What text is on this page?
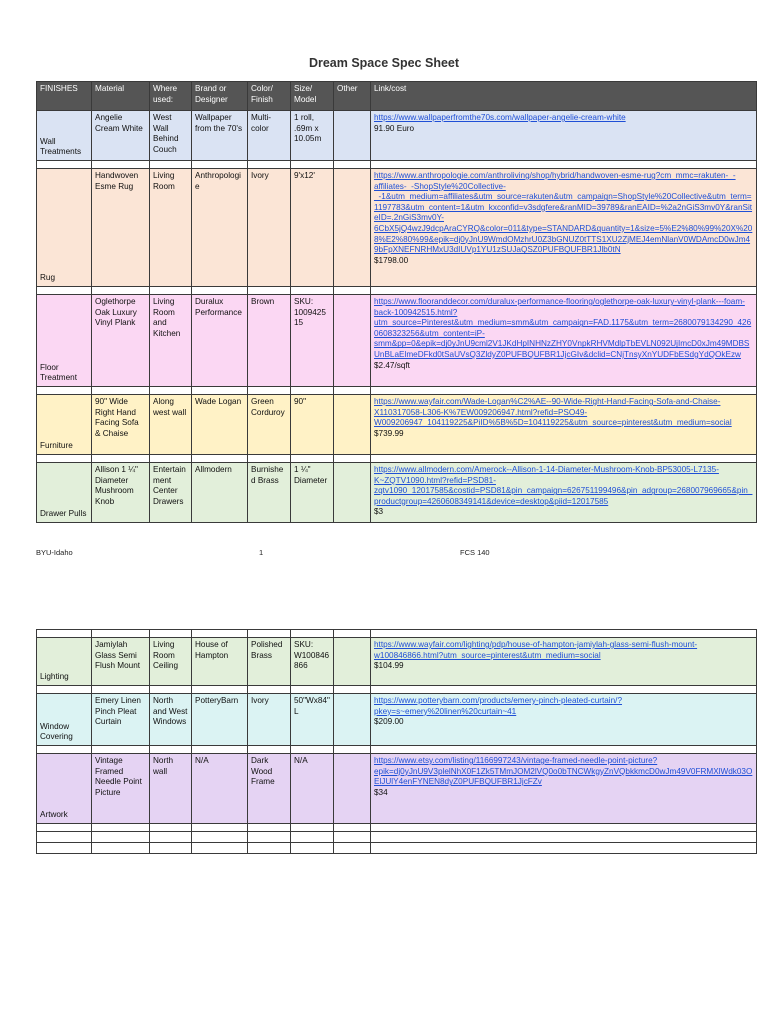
Dream Space Spec Sheet
FINISHES	Material	Where used:	Brand or Designer	Color/ Finish	Size/ Model	Other	Link/cost
Wall Treatments	Angelie Cream White	West Wall Behind Couch	Wallpaper from the 70's	Multi-color	1 roll, .69m x 10.05m		https://www.wallpaperfromthe70s.com/wallpaper-angelie-cream-white
91.90 Euro

Rug	Handwoven Esme Rug	Living Room	Anthropologie	Ivory	9'x12'		https://www.anthropologie.com/anthroliving/shop/hybrid/handwoven-esme-rug?cm_mmc=rakuten-_-affiliates-_-ShopStyle%20Collective-_-1&utm_medium=affiliates&utm_source=rakuten&utm_campaign=ShopStyle%20Collective&utm_term=1197783&utm_content=1&utm_kxconfid=v3sdgfere&ranMID=39789&ranEAID=%2a2nGiS3mv0Y&ranSiteID=.2nGiS3mv0Y-6CbX5jQ4wzJ9dcpAraCYRQ&color=011&type=STANDARD&quantity=1&size=5%E2%80%99%20X%208%E2%80%99&epik=dj0yJnU9WmdOMzhrU0Z3bGNUZ0tTTS1XU2ZjMEJ4emNlanV0WDAmcD0wJm49bFpXNEFNRHMxU3dIUVp1YU1zSUJaQSZ0PUFBQUFBR1Jlb0tN
$1798.00

Floor Treatment	Oglethorpe Oak Luxury Vinyl Plank	Living Room and Kitchen	Duralux Performance	Brown	SKU: 100942515		https://www.flooranddecor.com/duralux-performance-flooring/oglethorpe-oak-luxury-vinyl-plank---foam-back-100942515.html?utm_source=Pinterest&utm_medium=smm&utm_campaign=FAD.1175&utm_term=2680079134290_4260608323256&utm_content=iP-smm&pp=0&epik=dj0yJnU9cml2V1JKdHpINHNzZHY0VnpkRHVMdlpTbEVLN092UjImcD0xJm49MDBSUnBLaElmeDFkd0tSaUVsQ3ZldyZ0PUFBQUFBR1JjcGIv&dclid=CNjTnsyXnYUDFbESdgYdQOkEzw
$2.47/sqft

Furniture	90" Wide Right Hand Facing Sofa & Chaise	Along west wall	Wade Logan	Green Corduroy	90"		https://www.wayfair.com/Wade-Logan%C2%AE--90-Wide-Right-Hand-Facing-Sofa-and-Chaise-X110317058-L306-K%7EW009206947.html?refid=PSO49-W009206947_104119225&PiID%5B%5D=104119225&utm_source=pinterest&utm_medium=social
$739.99

Drawer Pulls	Allison 1 ¼" Diameter Mushroom Knob	Entertainment Center Drawers	Allmodern	Burnished Brass	1 ¼" Diameter		https://www.allmodern.com/Amerock--Allison-1-14-Diameter-Mushroom-Knob-BP53005-L7135-K~ZQTV1090.html?refid=PSD81-zqtv1090_12017585&costid=PSD81&pin_campaign=626751199496&pin_adgroup=268007969665&pin_productgroup=4260608349141&device=desktop&piid=12017585
$3
BYU-Idaho	1	FCS 140

Lighting	Jamiylah Glass Semi Flush Mount	Living Room Ceiling	House of Hampton	Polished Brass	SKU: W100846866		https://www.wayfair.com/lighting/pdp/house-of-hampton-jamiylah-glass-semi-flush-mount-w100846866.html?utm_source=pinterest&utm_medium=social
$104.99

Window Covering	Emery Linen Pinch Pleat Curtain	North and West Windows	PotteryBarn	Ivory	50"Wx84"L		https://www.potterybarn.com/products/emery-pinch-pleated-curtain/?pkey=s~emery%20linen%20curtain~41
$209.00

Artwork	Vintage Framed Needle Point Picture	North wall	N/A	Dark Wood Frame	N/A		https://www.etsy.com/listing/1166997243/vintage-framed-needle-point-picture?epik=dj0yJnU9V3plelNhX0F1Zk5TMmJOM2lVQ0o0bTNCWkgyZnVQbkkmcD0wJm49V0FRMXlWdk03OElJUlY4enFYNEN8dyZ0PUFBQUFBR1JjcFZv
$34
